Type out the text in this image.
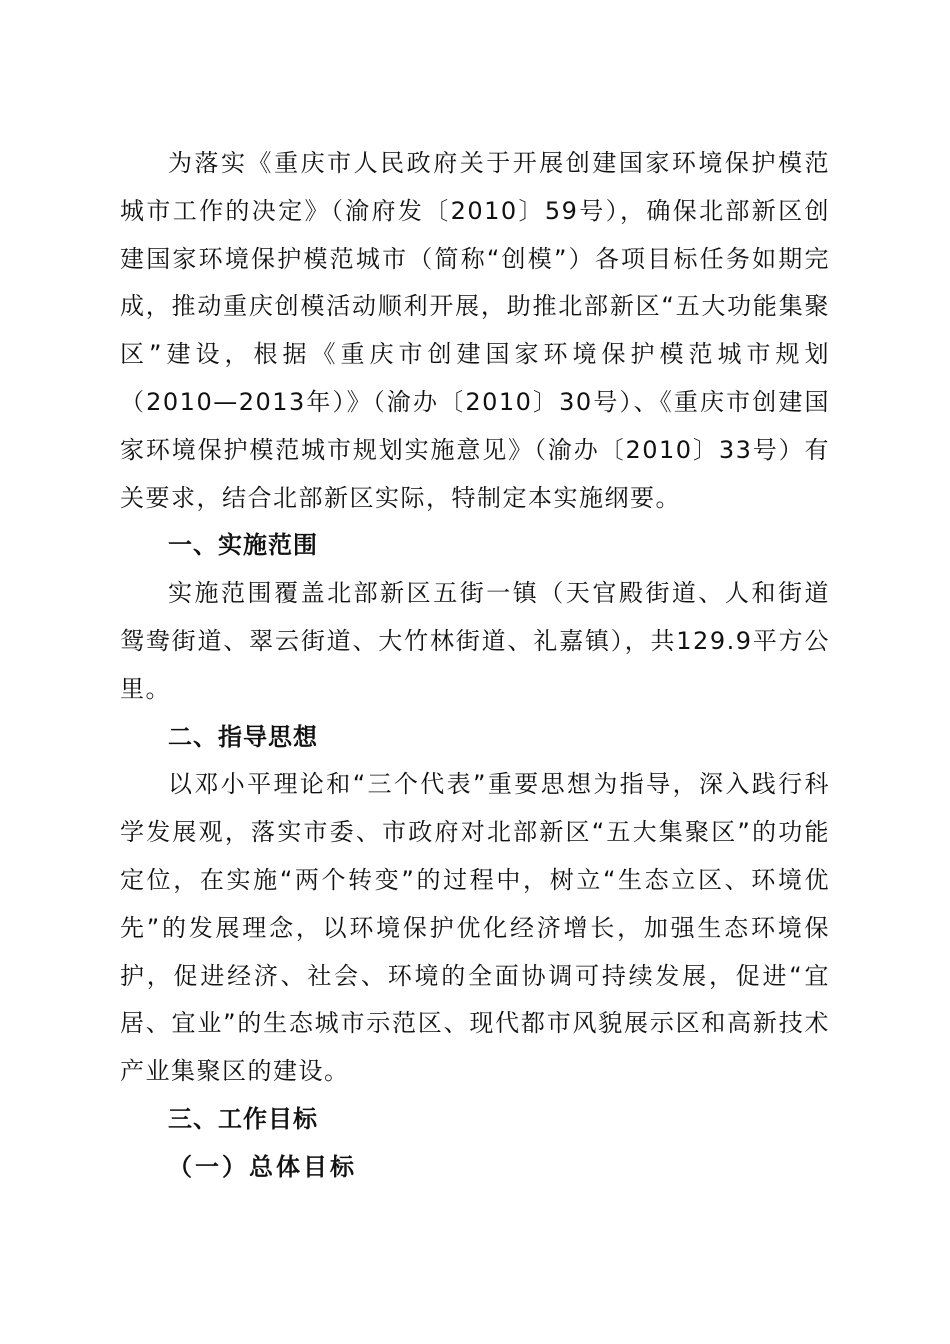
为落实《重庆市人民政府关于开展创建国家环境保护模范城市工作的决定》（渝府发〔2010〕59号），确保北部新区创建国家环境保护模范城市（简称“创模”）各项目标任务如期完成，推动重庆创模活动顺利开展，助推北部新区“五大功能集聚区”建设，根据《重庆市创建国家环境保护模范城市规划（2010—2013年）》（渝办〔2010〕30号）、《重庆市创建国家环境保护模范城市规划实施意见》（渝办〔2010〕33号）有关要求，结合北部新区实际，特制定本实施纲要。

一、实施范围

实施范围覆盖北部新区五街一镇（天官殿街道、人和街道鸳鸯街道、翠云街道、大竹林街道、礼嘉镇），共129.9平方公里。

二、指导思想

以邓小平理论和“三个代表”重要思想为指导，深入践行科学发展观，落实市委、市政府对北部新区“五大集聚区”的功能定位，在实施“两个转变”的过程中，树立“生态立区、环境优先”的发展理念，以环境保护优化经济增长，加强生态环境保护，促进经济、社会、环境的全面协调可持续发展，促进“宜居、宜业”的生态城市示范区、现代都市风貌展示区和高新技术产业集聚区的建设。

三、工作目标

（一）总体目标
